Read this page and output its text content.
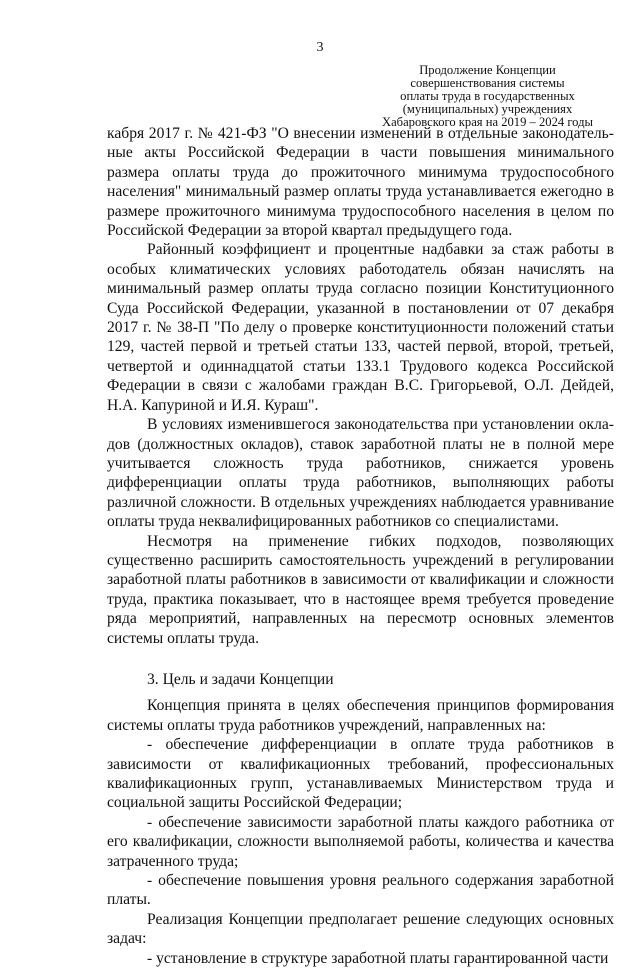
3
Продолжение Концепции
совершенствования системы
оплаты труда в государственных
(муниципальных) учреждениях
Хабаровского края на 2019 – 2024 годы

кабря 2017 г. № 421-ФЗ "О внесении изменений в отдельные законодательные акты Российской Федерации в части повышения минимального размера оплаты труда до прожиточного минимума трудоспособного населения" минимальный размер оплаты труда устанавливается ежегодно в размере прожиточного минимума трудоспособного населения в целом по Российской Федерации за второй квартал предыдущего года.

Районный коэффициент и процентные надбавки за стаж работы в особых климатических условиях работодатель обязан начислять на минимальный размер оплаты труда согласно позиции Конституционного Суда Российской Федерации, указанной в постановлении от 07 декабря 2017 г. № 38-П "По делу о проверке конституционности положений статьи 129, частей первой и третьей статьи 133, частей первой, второй, третьей, четвертой и одиннадцатой статьи 133.1 Трудового кодекса Российской Федерации в связи с жалобами граждан В.С. Григорьевой, О.Л. Дейдей, Н.А. Капуриной и И.Я. Кураш".

В условиях изменившегося законодательства при установлении окладов (должностных окладов), ставок заработной платы не в полной мере учитывается сложность труда работников, снижается уровень дифференциации оплаты труда работников, выполняющих работы различной сложности. В отдельных учреждениях наблюдается уравнивание оплаты труда неквалифицированных работников со специалистами.

Несмотря на применение гибких подходов, позволяющих существенно расширить самостоятельность учреждений в регулировании заработной платы работников в зависимости от квалификации и сложности труда, практика показывает, что в настоящее время требуется проведение ряда мероприятий, направленных на пересмотр основных элементов системы оплаты труда.

3. Цель и задачи Концепции

Концепция принята в целях обеспечения принципов формирования системы оплаты труда работников учреждений, направленных на:

- обеспечение дифференциации в оплате труда работников в зависимости от квалификационных требований, профессиональных квалификационных групп, устанавливаемых Министерством труда и социальной защиты Российской Федерации;

- обеспечение зависимости заработной платы каждого работника от его квалификации, сложности выполняемой работы, количества и качества затраченного труда;

- обеспечение повышения уровня реального содержания заработной платы.

Реализация Концепции предполагает решение следующих основных задач:

- установление в структуре заработной платы гарантированной части
